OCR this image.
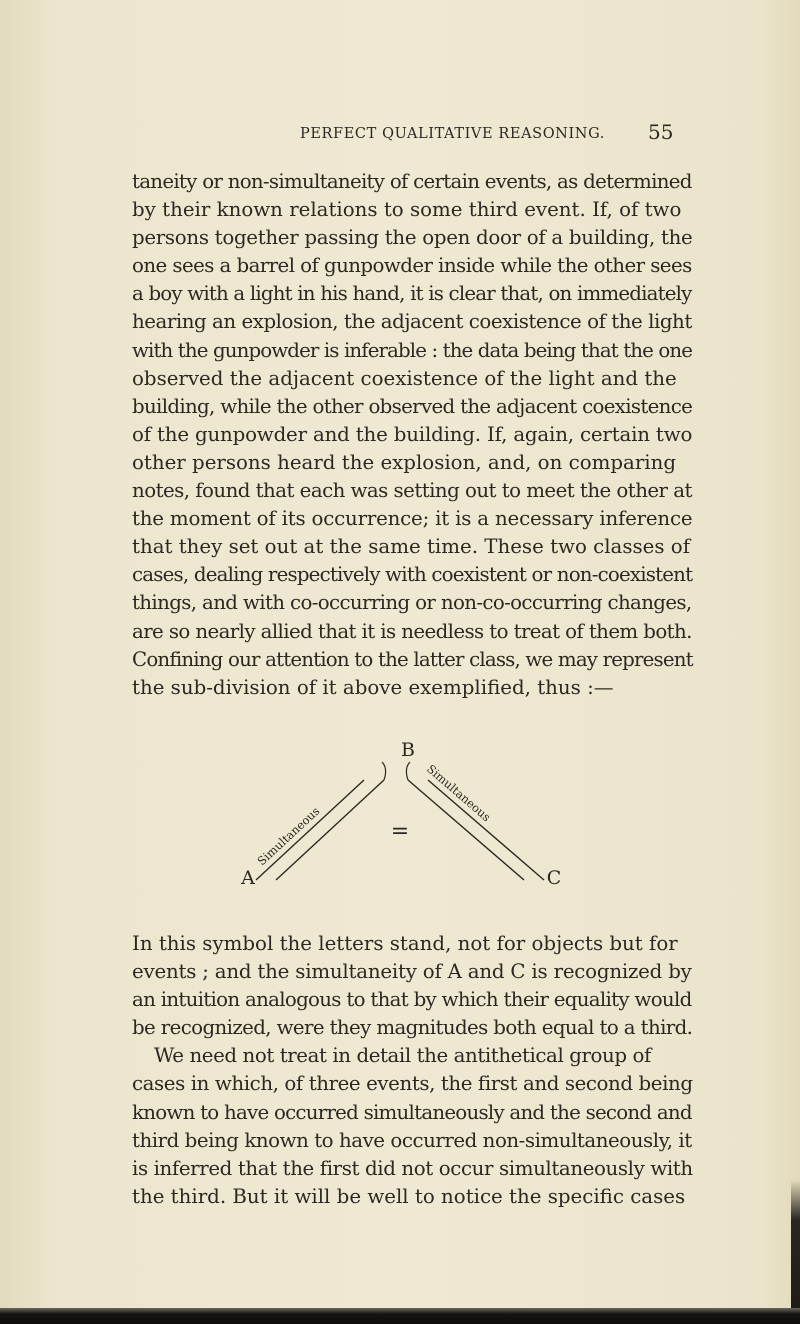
PERFECT QUALITATIVE REASONING. 55
taneity or non-simultaneity of certain events, as determined
by their known relations to some third event. If, of two
persons together passing the open door of a building, the
one sees a barrel of gunpowder inside while the other sees
a boy with a light in his hand, it is clear that, on immediately
hearing an explosion, the adjacent coexistence of the light
with the gunpowder is inferable : the data being that the one
observed the adjacent coexistence of the light and the
building, while the other observed the adjacent coexistence
of the gunpowder and the building. If, again, certain two
other persons heard the explosion, and, on comparing
notes, found that each was setting out to meet the other at
the moment of its occurrence; it is a necessary inference
that they set out at the same time. These two classes of
cases, dealing respectively with coexistent or non-coexistent
things, and with co-occurring or non-co-occurring changes,
are so nearly allied that it is needless to treat of them both.
Confining our attention to the latter class, we may represent
the sub-division of it above exemplified, thus :—
B
Simultaneous
Simultaneous
=
A	C
In this symbol the letters stand, not for objects but for
events ; and the simultaneity of A and C is recognized by
an intuition analogous to that by which their equality would
be recognized, were they magnitudes both equal to a third.
We need not treat in detail the antithetical group of
cases in which, of three events, the first and second being
known to have occurred simultaneously and the second and
third being known to have occurred non-simultaneously, it
is inferred that the first did not occur simultaneously with
the third. But it will be well to notice the specific cases
